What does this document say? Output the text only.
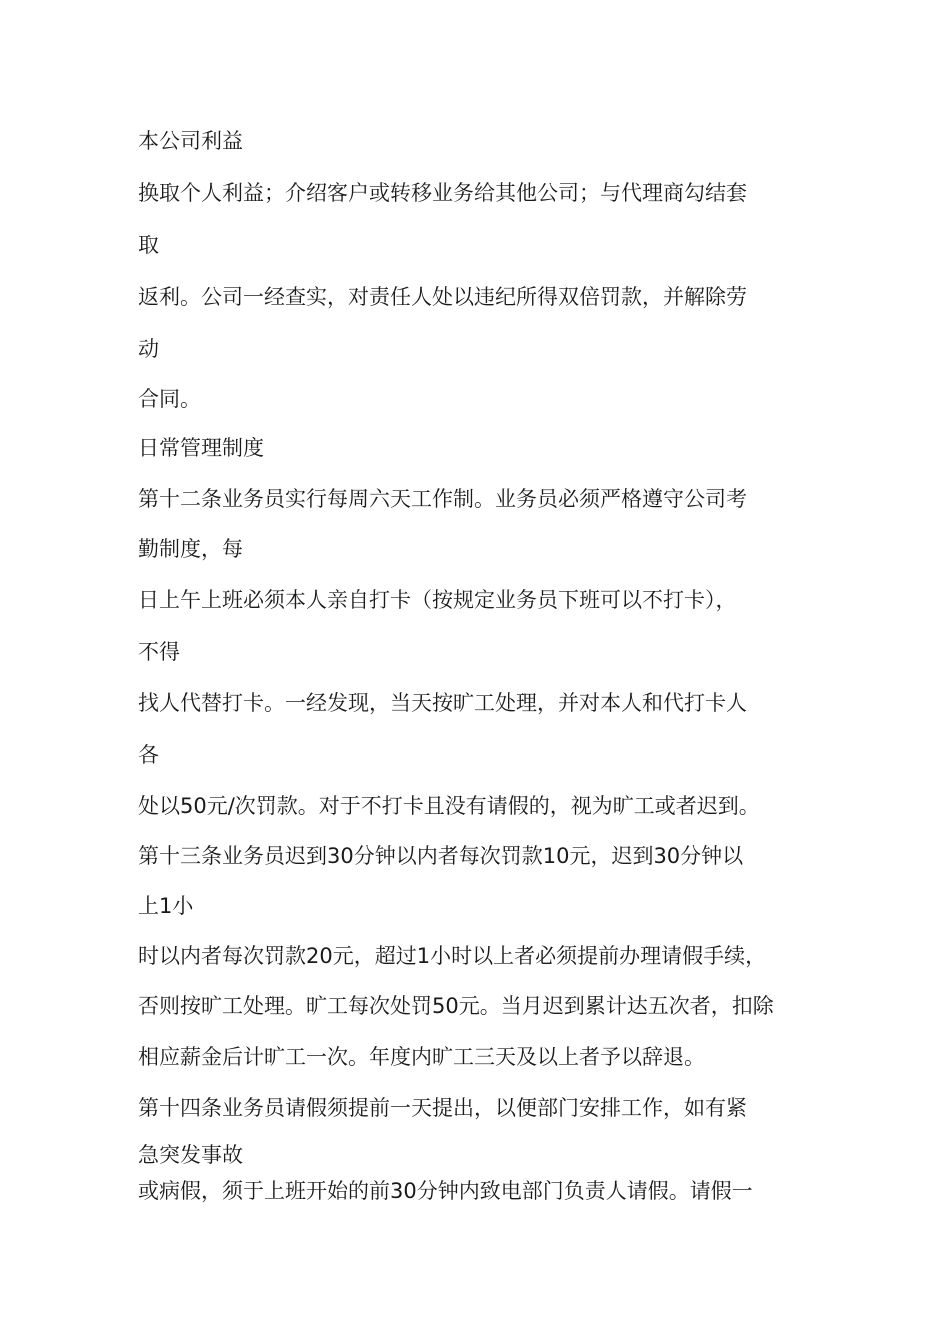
本公司利益
换取个人利益；介绍客户或转移业务给其他公司；与代理商勾结套
取
返利。公司一经查实，对责任人处以违纪所得双倍罚款，并解除劳
动
合同。
日常管理制度
第十二条业务员实行每周六天工作制。业务员必须严格遵守公司考
勤制度，每
日上午上班必须本人亲自打卡（按规定业务员下班可以不打卡），
不得
找人代替打卡。一经发现，当天按旷工处理，并对本人和代打卡人
各
处以50元/次罚款。对于不打卡且没有请假的，视为旷工或者迟到。
第十三条业务员迟到30分钟以内者每次罚款10元，迟到30分钟以
上1小
时以内者每次罚款20元，超过1小时以上者必须提前办理请假手续，
否则按旷工处理。旷工每次处罚50元。当月迟到累计达五次者，扣除
相应薪金后计旷工一次。年度内旷工三天及以上者予以辞退。
第十四条业务员请假须提前一天提出，以便部门安排工作，如有紧
急突发事故
或病假，须于上班开始的前30分钟内致电部门负责人请假。请假一
